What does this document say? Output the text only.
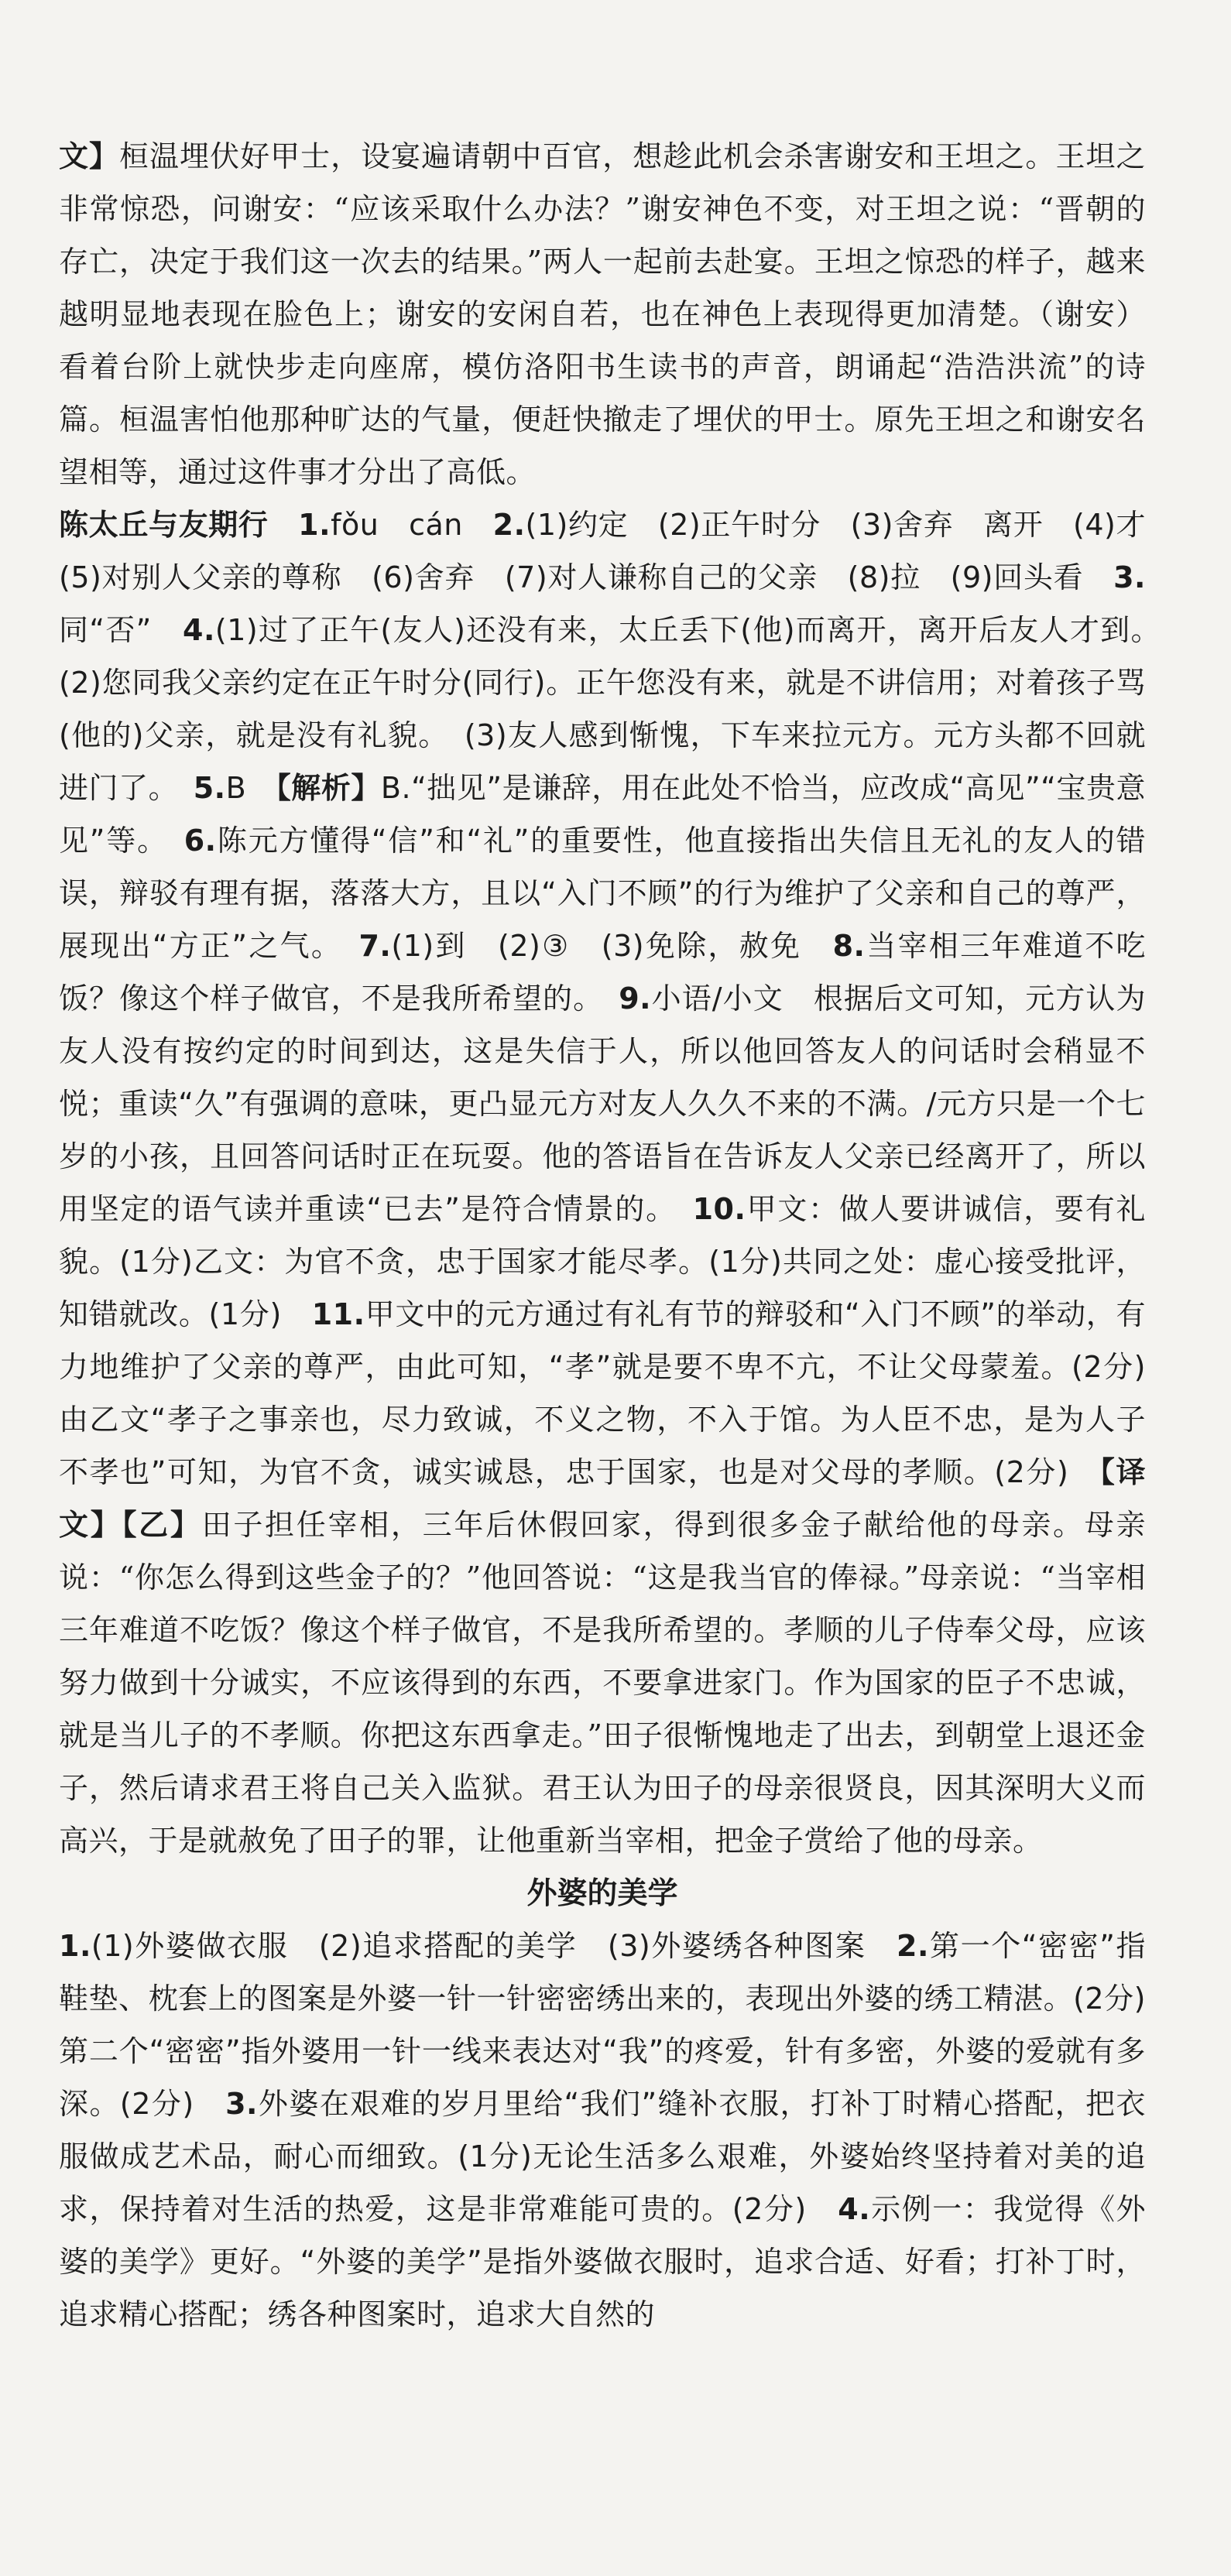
文】桓温埋伏好甲士，设宴遍请朝中百官，想趁此机会杀害谢安和王坦之。王坦之非常惊恐，问谢安：“应该采取什么办法？”谢安神色不变，对王坦之说：“晋朝的存亡，决定于我们这一次去的结果。”两人一起前去赴宴。王坦之惊恐的样子，越来越明显地表现在脸色上；谢安的安闲自若，也在神色上表现得更加清楚。（谢安）看着台阶上就快步走向座席，模仿洛阳书生读书的声音，朗诵起“浩浩洪流”的诗篇。桓温害怕他那种旷达的气量，便赶快撤走了埋伏的甲士。原先王坦之和谢安名望相等，通过这件事才分出了高低。

陈太丘与友期行　1.fǒu　cán　2.(1)约定　(2)正午时分　(3)舍弃　离开　(4)才　(5)对别人父亲的尊称　(6)舍弃　(7)对人谦称自己的父亲　(8)拉　(9)回头看　3.同“否”　4.(1)过了正午(友人)还没有来，太丘丢下(他)而离开，离开后友人才到。　(2)您同我父亲约定在正午时分(同行)。正午您没有来，就是不讲信用；对着孩子骂(他的)父亲，就是没有礼貌。　(3)友人感到惭愧，下车来拉元方。元方头都不回就进门了。　5.B　【解析】B.“拙见”是谦辞，用在此处不恰当，应改成“高见”“宝贵意见”等。　6.陈元方懂得“信”和“礼”的重要性，他直接指出失信且无礼的友人的错误，辩驳有理有据，落落大方，且以“入门不顾”的行为维护了父亲和自己的尊严，展现出“方正”之气。　7.(1)到　(2)③　(3)免除，赦免　8.当宰相三年难道不吃饭？像这个样子做官，不是我所希望的。　9.小语/小文　根据后文可知，元方认为友人没有按约定的时间到达，这是失信于人，所以他回答友人的问话时会稍显不悦；重读“久”有强调的意味，更凸显元方对友人久久不来的不满。/元方只是一个七岁的小孩，且回答问话时正在玩耍。他的答语旨在告诉友人父亲已经离开了，所以用坚定的语气读并重读“已去”是符合情景的。　10.甲文：做人要讲诚信，要有礼貌。(1分)乙文：为官不贪，忠于国家才能尽孝。(1分)共同之处：虚心接受批评，知错就改。(1分)　11.甲文中的元方通过有礼有节的辩驳和“入门不顾”的举动，有力地维护了父亲的尊严，由此可知，“孝”就是要不卑不亢，不让父母蒙羞。(2分)由乙文“孝子之事亲也，尽力致诚，不义之物，不入于馆。为人臣不忠，是为人子不孝也”可知，为官不贪，诚实诚恳，忠于国家，也是对父母的孝顺。(2分)　【译文】【乙】田子担任宰相，三年后休假回家，得到很多金子献给他的母亲。母亲说：“你怎么得到这些金子的？”他回答说：“这是我当官的俸禄。”母亲说：“当宰相三年难道不吃饭？像这个样子做官，不是我所希望的。孝顺的儿子侍奉父母，应该努力做到十分诚实，不应该得到的东西，不要拿进家门。作为国家的臣子不忠诚，就是当儿子的不孝顺。你把这东西拿走。”田子很惭愧地走了出去，到朝堂上退还金子，然后请求君王将自己关入监狱。君王认为田子的母亲很贤良，因其深明大义而高兴，于是就赦免了田子的罪，让他重新当宰相，把金子赏给了他的母亲。

外婆的美学

1.(1)外婆做衣服　(2)追求搭配的美学　(3)外婆绣各种图案　2.第一个“密密”指鞋垫、枕套上的图案是外婆一针一针密密绣出来的，表现出外婆的绣工精湛。(2分)第二个“密密”指外婆用一针一线来表达对“我”的疼爱，针有多密，外婆的爱就有多深。(2分)　3.外婆在艰难的岁月里给“我们”缝补衣服，打补丁时精心搭配，把衣服做成艺术品，耐心而细致。(1分)无论生活多么艰难，外婆始终坚持着对美的追求，保持着对生活的热爱，这是非常难能可贵的。(2分)　4.示例一：我觉得《外婆的美学》更好。“外婆的美学”是指外婆做衣服时，追求合适、好看；打补丁时，追求精心搭配；绣各种图案时，追求大自然的
